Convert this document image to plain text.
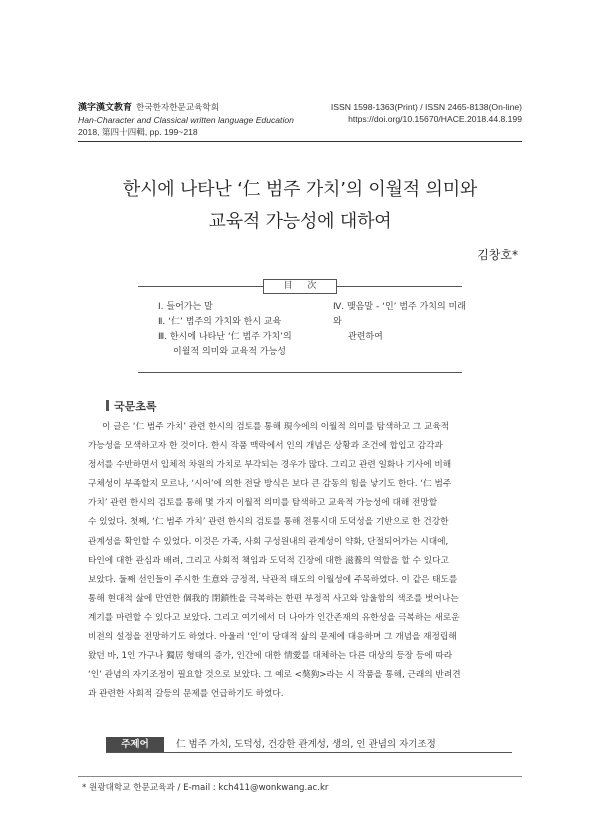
漢字漢文教育 한국한자한문교육학회
Han-Character and Classical written language Education
2018, 第四十四輯, pp. 199~218
ISSN 1598-1363(Print) / ISSN 2465-8138(On-line)
https://doi.org/10.15670/HACE.2018.44.8.199
한시에 나타난 ‘仁 범주 가치’의 이월적 의미와
교육적 가능성에 대하여
김창호*
目 次
Ⅰ. 들어가는 말
Ⅱ. ‘仁’ 범주의 가치와 한시 교육
Ⅲ. 한시에 나타난 ‘仁 범주 가치’의
이월적 의미와 교육적 가능성
Ⅳ. 맺음말 - ‘인’ 범주 가치의 미래와
관련하여
국문초록

이 글은 ‘仁 범주 가치’ 관련 한시의 검토를 통해 現今에의 이월적 의미를 탐색하고 그 교육적

가능성을 모색하고자 한 것이다. 한시 작품 맥락에서 인의 개념은 상황과 조건에 합입고 감각과

정서를 수반하면서 입체적 차원의 가치로 부각되는 경우가 많다. 그리고 관련 일화나 기사에 비해

구체성이 부족할지 모르나, ‘시어’에 의한 전달 방식은 보다 큰 감동의 힘을 낳기도 한다. ‘仁 범주

가치’ 관련 한시의 검토를 통해 몇 가지 이월적 의미를 탐색하고 교육적 가능성에 대해 전망할

수 있었다. 첫째, ‘仁 범주 가치’ 관련 한시의 검토를 통해 전통시대 도덕성을 기반으로 한 건강한

관계성을 확인할 수 있었다. 이것은 가족, 사회 구성원내의 관계성이 약화, 단절되어가는 시대에,

타인에 대한 관심과 배려, 그리고 사회적 책임과 도덕적 긴장에 대한 滋養의 역할을 할 수 있다고

보았다. 둘째 선인들이 주시한 生意와 긍정적, 낙관적 태도의 이월성에 주목하였다. 이 같은 태도를

통해 현대적 삶에 만연한 個我的 閉鎖性을 극복하는 한편 부정적 사고와 암울함의 색조를 벗어나는

계기를 마련할 수 있다고 보았다. 그리고 여기에서 더 나아가 인간존재의 유한성을 극복하는 새로운

비전의 설정을 전망하기도 하였다. 아울러 ‘인’이 당대적 삶의 문제에 대응하며 그 개념을 재정립해

왔던 바, 1인 가구나 獨居 형태의 증가, 인간에 대한 情愛를 대체하는 다른 대상의 등장 등에 따라

‘인’ 관념의 자기조정이 필요할 것으로 보았다. 그 예로 <獒狗>라는 시 작품을 통해, 근래의 반려견

과 관련한 사회적 갈등의 문제를 언급하기도 하였다.

주제어	仁 범주 가치, 도덕성, 건강한 관계성, 생의, 인 관념의 자기조정
* 원광대학교 한문교육과 / E-mail : kch411@wonkwang.ac.kr
